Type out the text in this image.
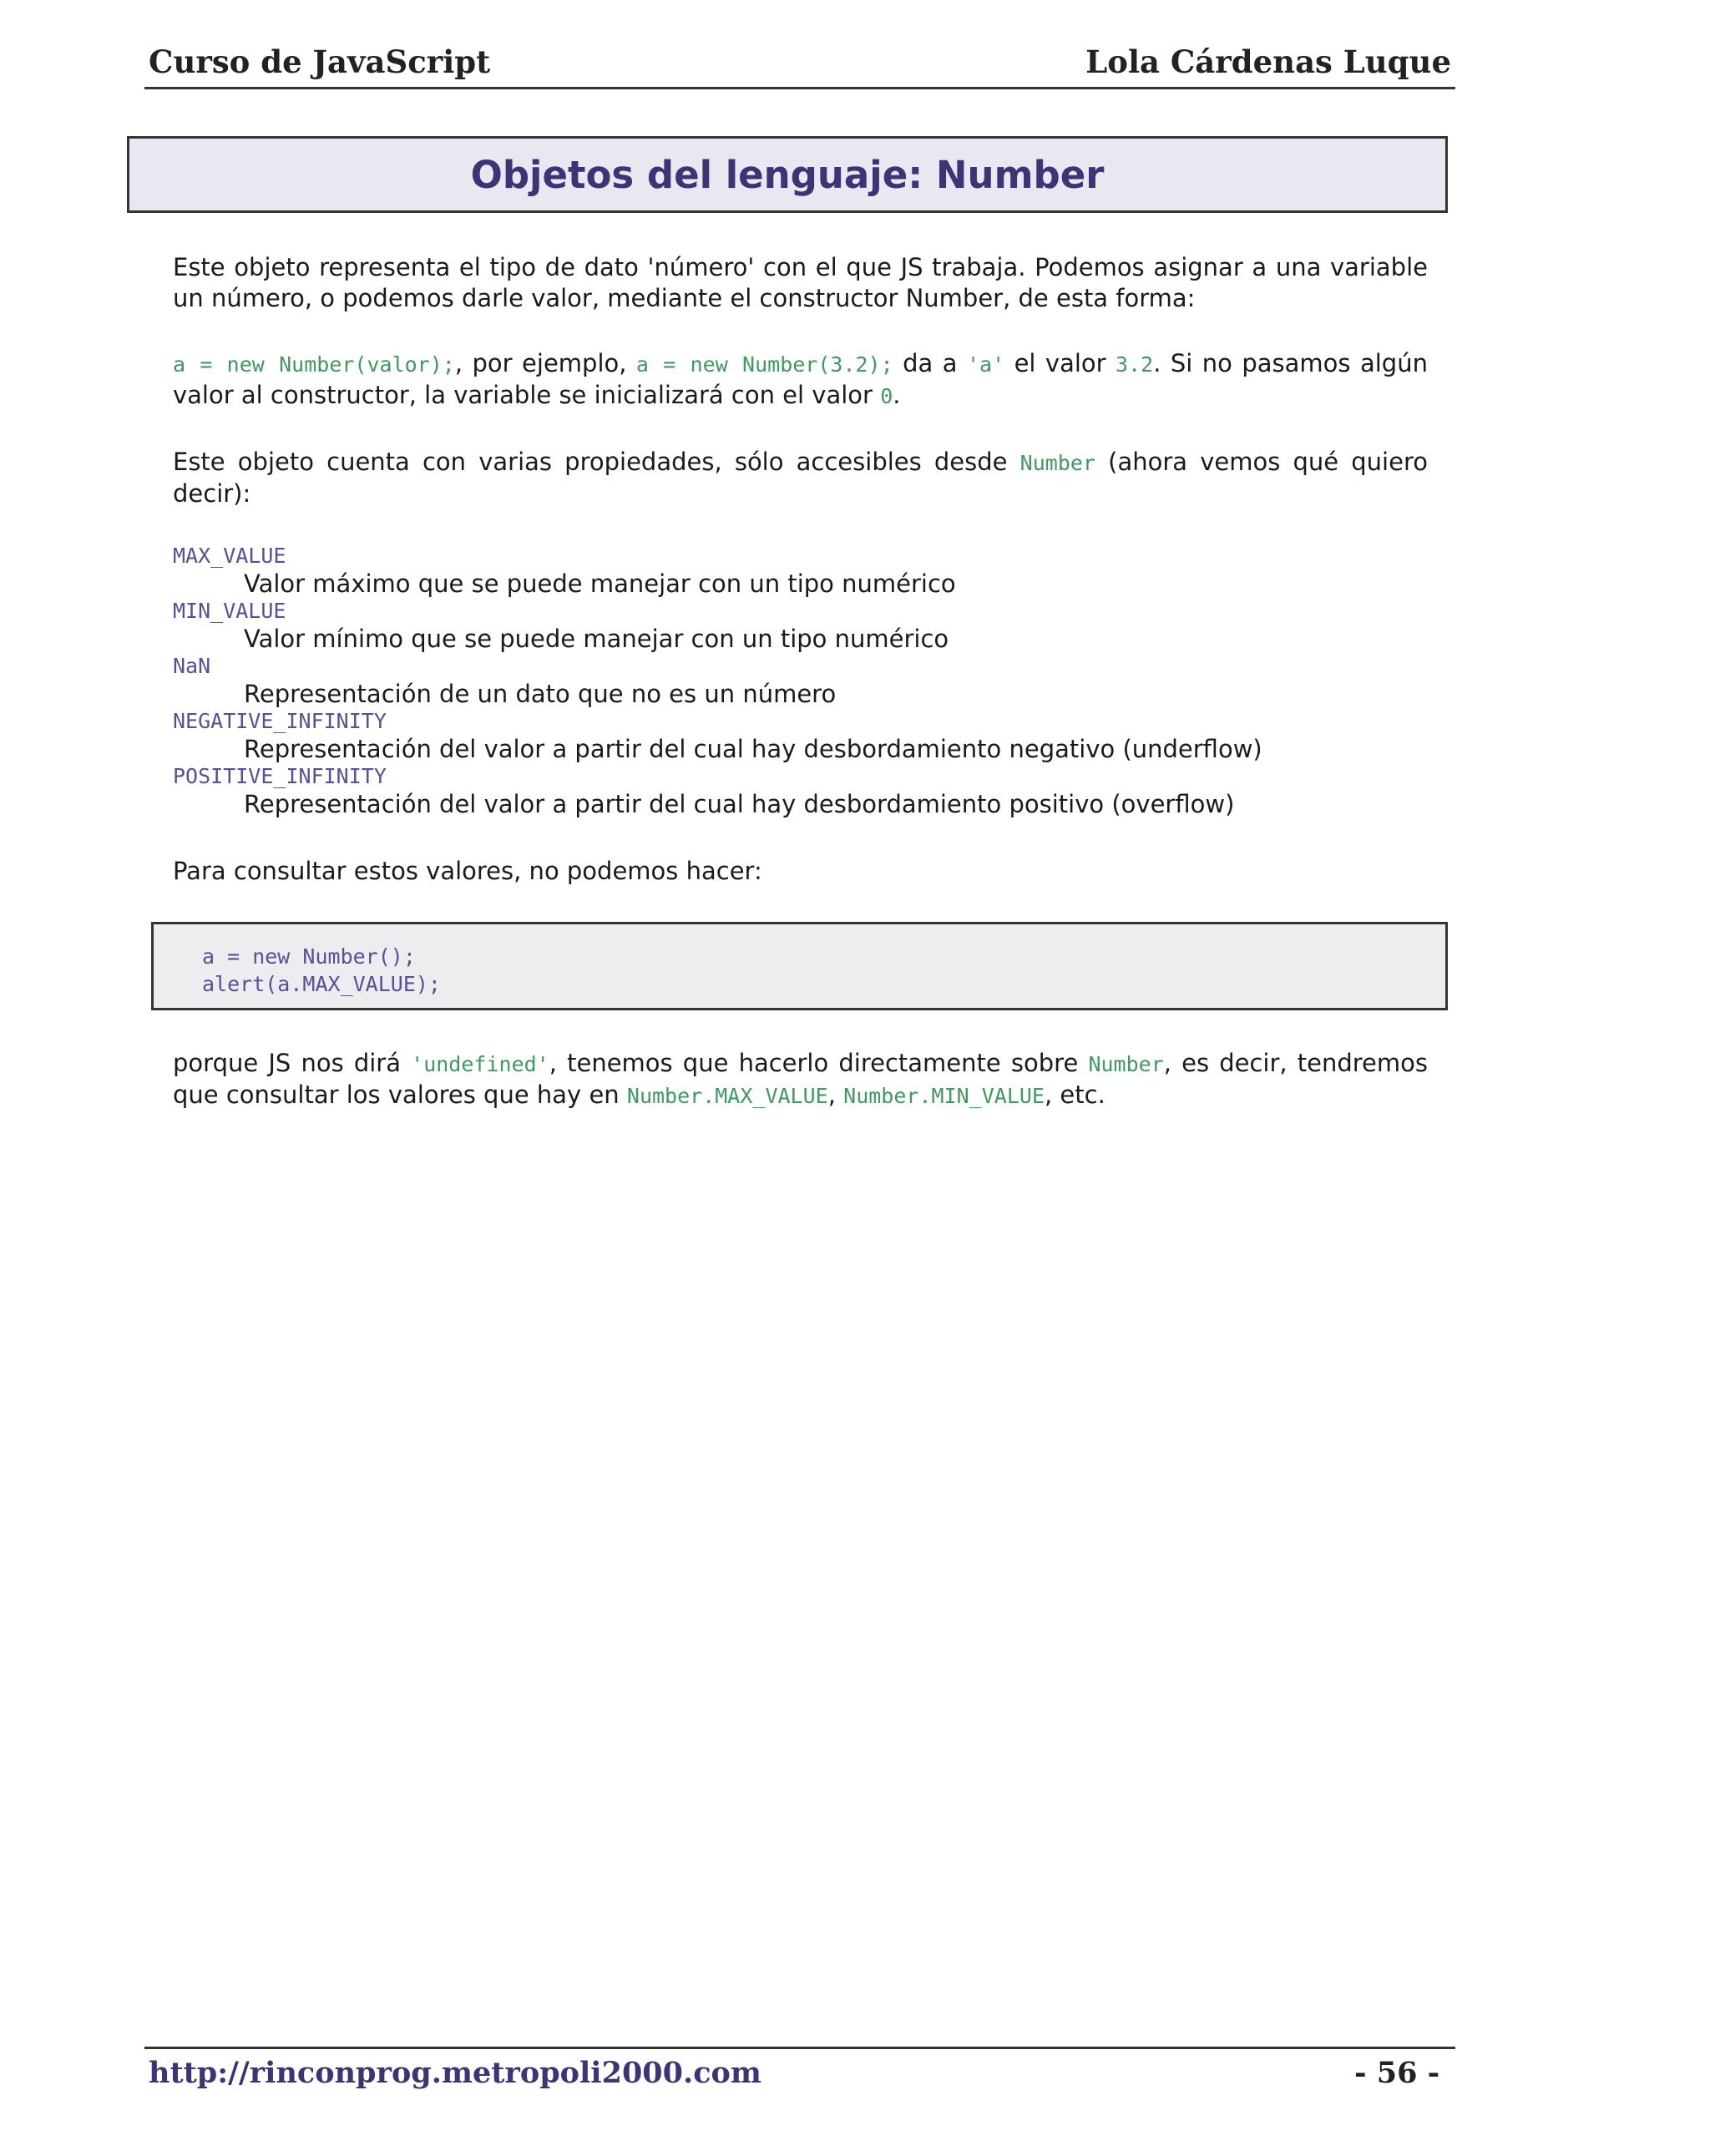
Curso de JavaScript	Lola Cárdenas Luque
Objetos del lenguaje: Number

Este objeto representa el tipo de dato 'número' con el que JS trabaja. Podemos asignar a una variable un número, o podemos darle valor, mediante el constructor Number, de esta forma:

a = new Number(valor);, por ejemplo, a = new Number(3.2); da a 'a' el valor 3.2. Si no pasamos algún valor al constructor, la variable se inicializará con el valor 0.

Este objeto cuenta con varias propiedades, sólo accesibles desde Number (ahora vemos qué quiero decir):

MAX_VALUE
Valor máximo que se puede manejar con un tipo numérico
MIN_VALUE
Valor mínimo que se puede manejar con un tipo numérico
NaN
Representación de un dato que no es un número
NEGATIVE_INFINITY
Representación del valor a partir del cual hay desbordamiento negativo (underflow)
POSITIVE_INFINITY
Representación del valor a partir del cual hay desbordamiento positivo (overflow)

Para consultar estos valores, no podemos hacer:

a = new Number();
alert(a.MAX_VALUE);

porque JS nos dirá 'undefined', tenemos que hacerlo directamente sobre Number, es decir, tendremos que consultar los valores que hay en Number.MAX_VALUE, Number.MIN_VALUE, etc.

http://rinconprog.metropoli2000.com	- 56 -
